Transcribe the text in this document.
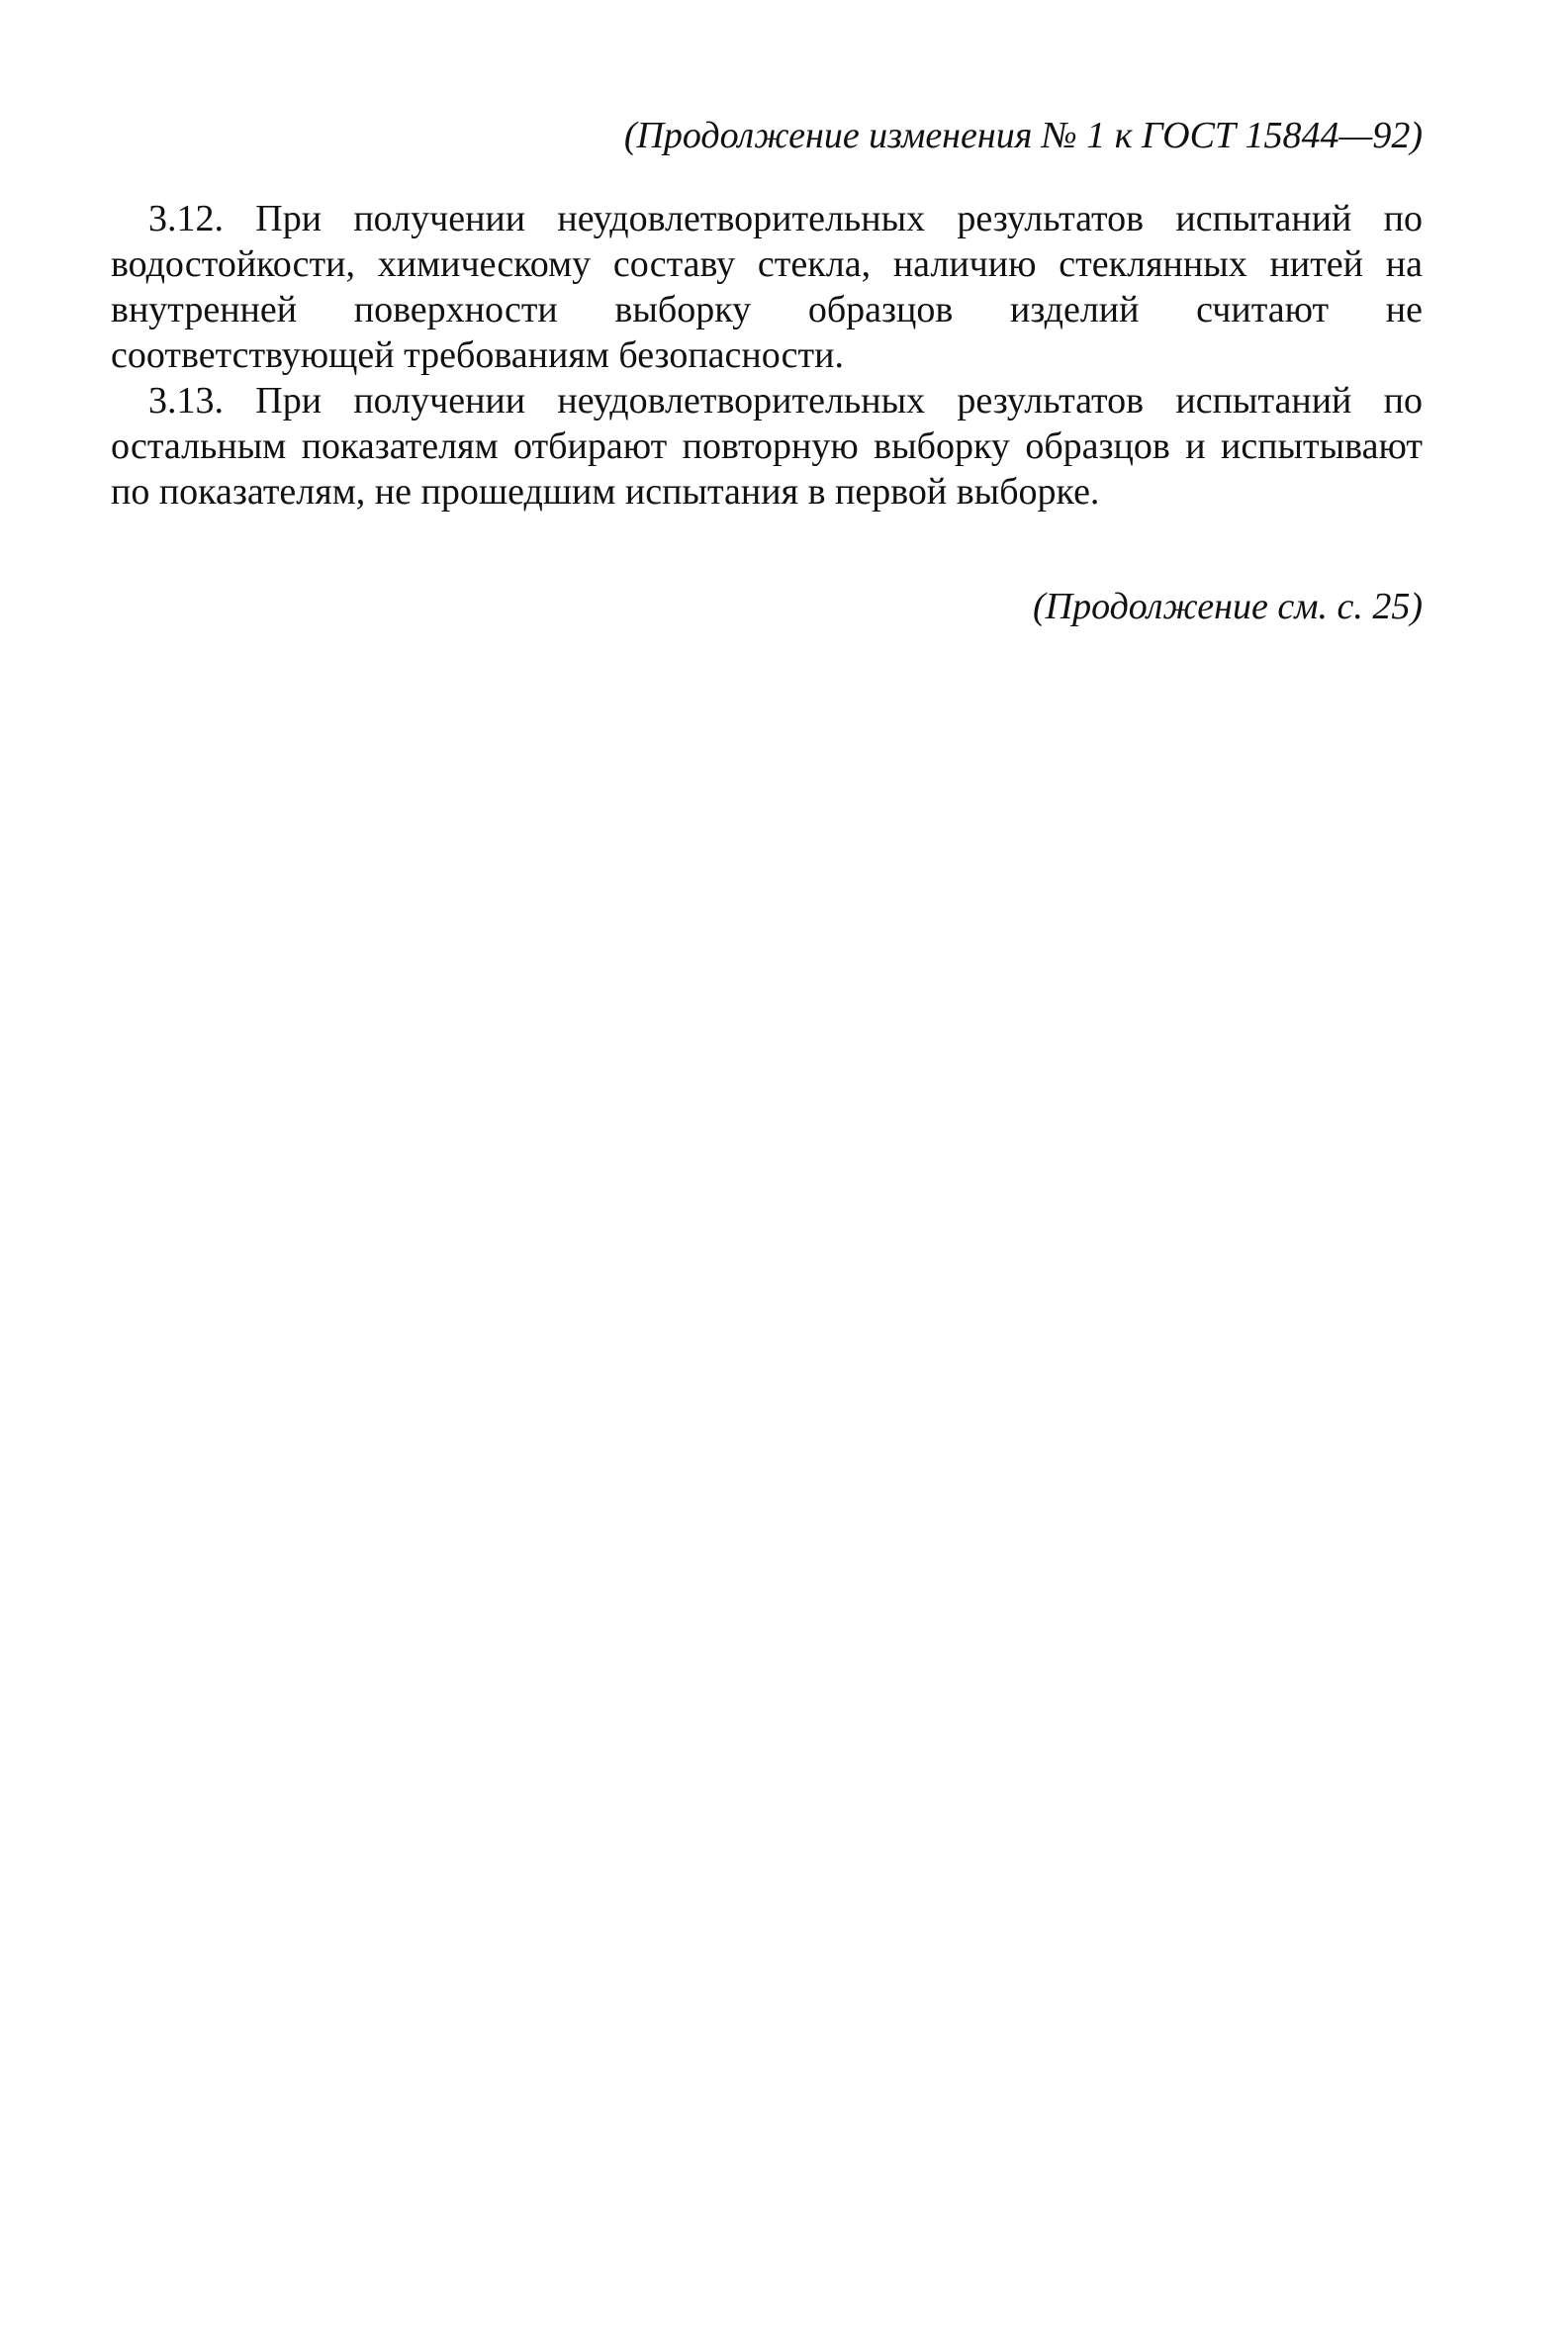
(Продолжение изменения № 1 к ГОСТ 15844—92)

3.12. При получении неудовлетворительных результатов испытаний по водостойкости, химическому составу стекла, наличию стеклянных нитей на внутренней поверхности выборку образцов изделий считают не соответствующей требованиям безопасности.

3.13. При получении неудовлетворительных результатов испытаний по остальным показателям отбирают повторную выборку образцов и испытывают по показателям, не прошедшим испытания в первой выборке.

(Продолжение см. с. 25)
